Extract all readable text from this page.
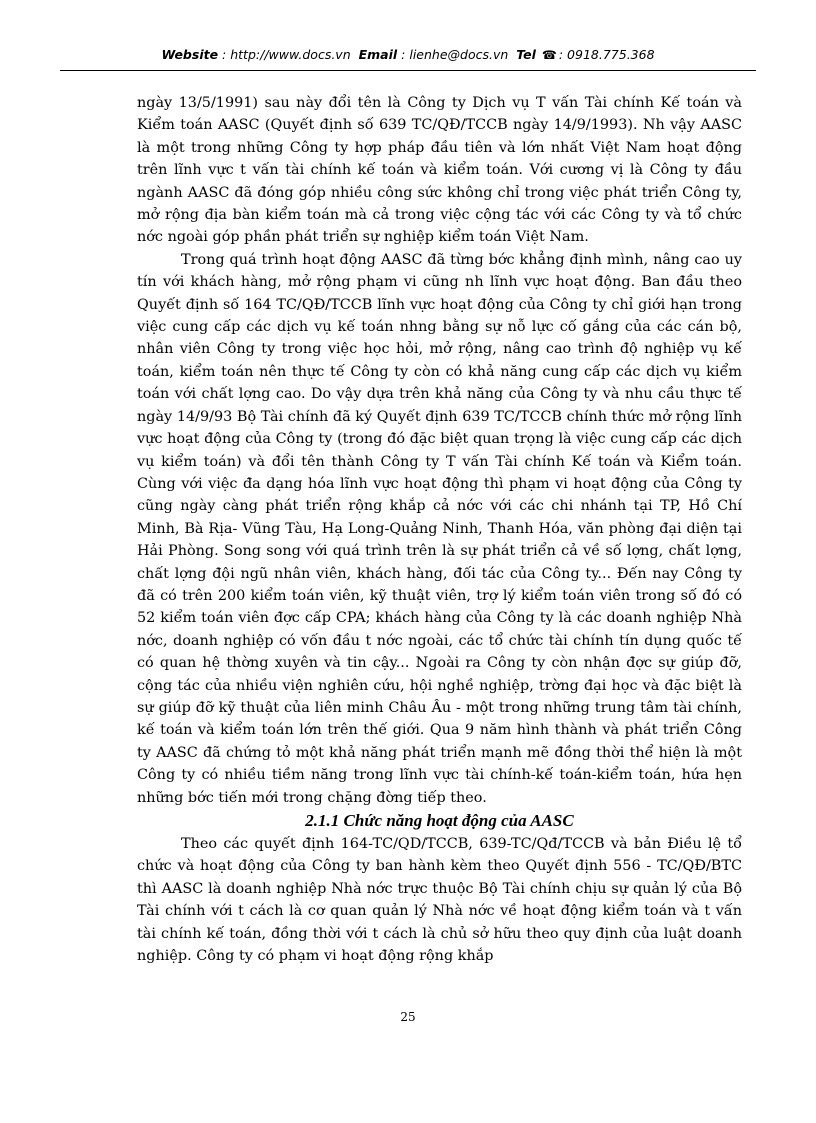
Website : http://www.docs.vn Email : lienhe@docs.vn Tel ☎ : 0918.775.368

ngày 13/5/1991) sau này đổi tên là Công ty Dịch vụ T vấn Tài chính Kế toán và Kiểm toán AASC (Quyết định số 639 TC/QĐ/TCCB ngày 14/9/1993). Nh vậy AASC là một trong những Công ty hợp pháp đầu tiên và lớn nhất Việt Nam hoạt động trên lĩnh vực t vấn tài chính kế toán và kiểm toán. Với cương vị là Công ty đầu ngành AASC đã đóng góp nhiều công sức không chỉ trong việc phát triển Công ty, mở rộng địa bàn kiểm toán mà cả trong việc cộng tác với các Công ty và tổ chức nớc ngoài góp phần phát triển sự nghiệp kiểm toán Việt Nam.

Trong quá trình hoạt động AASC đã từng bớc khẳng định mình, nâng cao uy tín với khách hàng, mở rộng phạm vi cũng nh lĩnh vực hoạt động. Ban đầu theo Quyết định số 164 TC/QĐ/TCCB lĩnh vực hoạt động của Công ty chỉ giới hạn trong việc cung cấp các dịch vụ kế toán nhng bằng sự nỗ lực cố gắng của các cán bộ, nhân viên Công ty trong việc học hỏi, mở rộng, nâng cao trình độ nghiệp vụ kế toán, kiểm toán nên thực tế Công ty còn có khả năng cung cấp các dịch vụ kiểm toán với chất lợng cao. Do vậy dựa trên khả năng của Công ty và nhu cầu thực tế ngày 14/9/93 Bộ Tài chính đã ký Quyết định 639 TC/TCCB chính thức mở rộng lĩnh vực hoạt động của Công ty (trong đó đặc biệt quan trọng là việc cung cấp các dịch vụ kiểm toán) và đổi tên thành Công ty T vấn Tài chính Kế toán và Kiểm toán. Cùng với việc đa dạng hóa lĩnh vực hoạt động thì phạm vi hoạt động của Công ty cũng ngày càng phát triển rộng khắp cả nớc với các chi nhánh tại TP, Hồ Chí Minh, Bà Rịa- Vũng Tàu, Hạ Long-Quảng Ninh, Thanh Hóa, văn phòng đại diện tại Hải Phòng. Song song với quá trình trên là sự phát triển cả về số lợng, chất lợng, chất lợng đội ngũ nhân viên, khách hàng, đối tác của Công ty... Đến nay Công ty đã có trên 200 kiểm toán viên, kỹ thuật viên, trợ lý kiểm toán viên trong số đó có 52 kiểm toán viên đợc cấp CPA; khách hàng của Công ty là các doanh nghiệp Nhà nớc, doanh nghiệp có vốn đầu t nớc ngoài, các tổ chức tài chính tín dụng quốc tế có quan hệ thờng xuyên và tin cậy... Ngoài ra Công ty còn nhận đợc sự giúp đỡ, cộng tác của nhiều viện nghiên cứu, hội nghề nghiệp, trờng đại học và đặc biệt là sự giúp đỡ kỹ thuật của liên minh Châu Âu - một trong những trung tâm tài chính, kế toán và kiểm toán lớn trên thế giới. Qua 9 năm hình thành và phát triển Công ty AASC đã chứng tỏ một khả năng phát triển mạnh mẽ đồng thời thể hiện là một Công ty có nhiều tiềm năng trong lĩnh vực tài chính-kế toán-kiểm toán, hứa hẹn những bớc tiến mới trong chặng đờng tiếp theo.

2.1.1 Chức năng hoạt động của AASC

Theo các quyết định 164-TC/QD/TCCB, 639-TC/Qđ/TCCB và bản Điều lệ tổ chức và hoạt động của Công ty ban hành kèm theo Quyết định 556 - TC/QĐ/BTC thì AASC là doanh nghiệp Nhà nớc trực thuộc Bộ Tài chính chịu sự quản lý của Bộ Tài chính với t cách là cơ quan quản lý Nhà nớc về hoạt động kiểm toán và t vấn tài chính kế toán, đồng thời với t cách là chủ sở hữu theo quy định của luật doanh nghiệp. Công ty có phạm vi hoạt động rộng khắp

25
